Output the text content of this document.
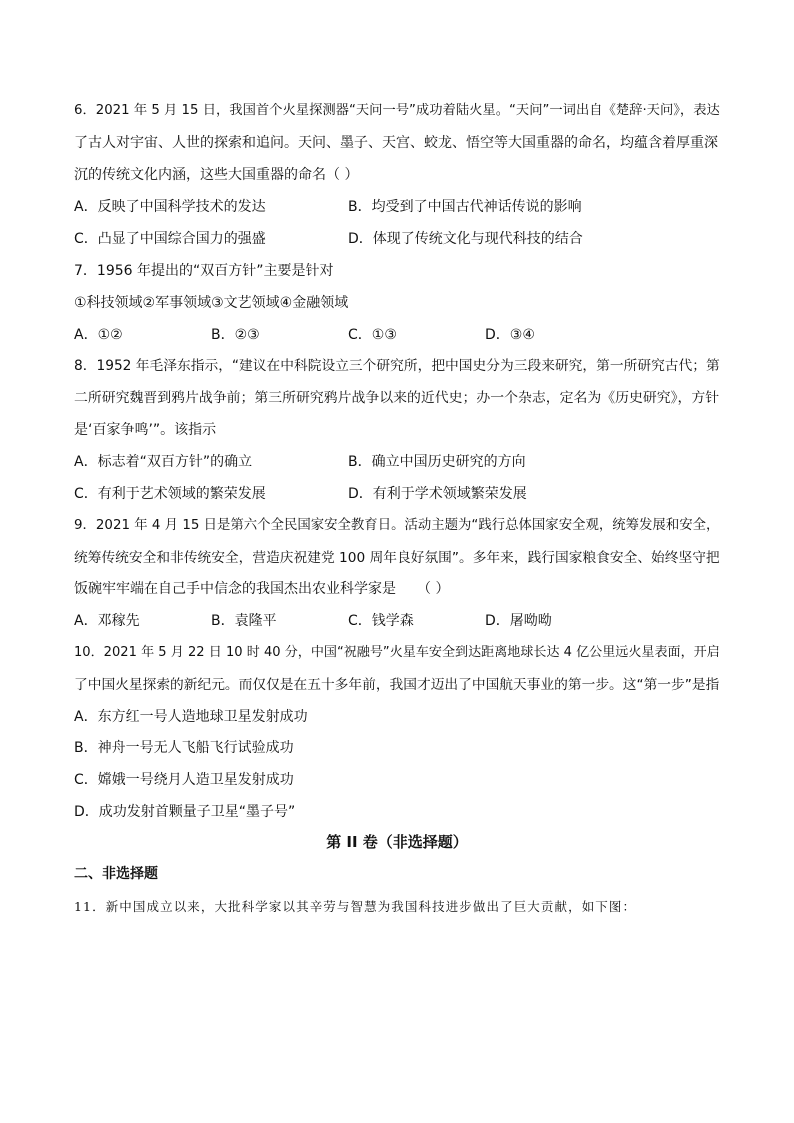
6．2021 年 5 月 15 日，我国首个火星探测器“天问一号”成功着陆火星。“天问”一词出自《楚辞·天问》，表达
了古人对宇宙、人世的探索和追问。天问、墨子、天宫、蛟龙、悟空等大国重器的命名，均蕴含着厚重深
沉的传统文化内涵，这些大国重器的命名（ ）
A．反映了中国科学技术的发达	B．均受到了中国古代神话传说的影响
C．凸显了中国综合国力的强盛	D．体现了传统文化与现代科技的结合
7．1956 年提出的“双百方针”主要是针对
①科技领域②军事领域③文艺领域④金融领域
A．①②	B．②③	C．①③	D．③④
8．1952 年毛泽东指示，“建议在中科院设立三个研究所，把中国史分为三段来研究，第一所研究古代；第
二所研究魏晋到鸦片战争前；第三所研究鸦片战争以来的近代史；办一个杂志，定名为《历史研究》，方针
是‘百家争鸣’”。该指示
A．标志着“双百方针”的确立	B．确立中国历史研究的方向
C．有利于艺术领域的繁荣发展	D．有利于学术领域繁荣发展
9．2021 年 4 月 15 日是第六个全民国家安全教育日。活动主题为“践行总体国家安全观，统筹发展和安全，
统筹传统安全和非传统安全，营造庆祝建党 100 周年良好氛围”。多年来，践行国家粮食安全、始终坚守把
饭碗牢牢端在自己手中信念的我国杰出农业科学家是　　（ ）
A．邓稼先	B．袁隆平	C．钱学森	D．屠呦呦
10．2021 年 5 月 22 日 10 时 40 分，中国“祝融号”火星车安全到达距离地球长达 4 亿公里远火星表面，开启
了中国火星探索的新纪元。而仅仅是在五十多年前，我国才迈出了中国航天事业的第一步。这“第一步”是指
A．东方红一号人造地球卫星发射成功
B．神舟一号无人飞船飞行试验成功
C．嫦娥一号绕月人造卫星发射成功
D．成功发射首颗量子卫星“墨子号”
第 II 卷（非选择题）
二、非选择题
11．新中国成立以来，大批科学家以其辛劳与智慧为我国科技进步做出了巨大贡献，如下图：
